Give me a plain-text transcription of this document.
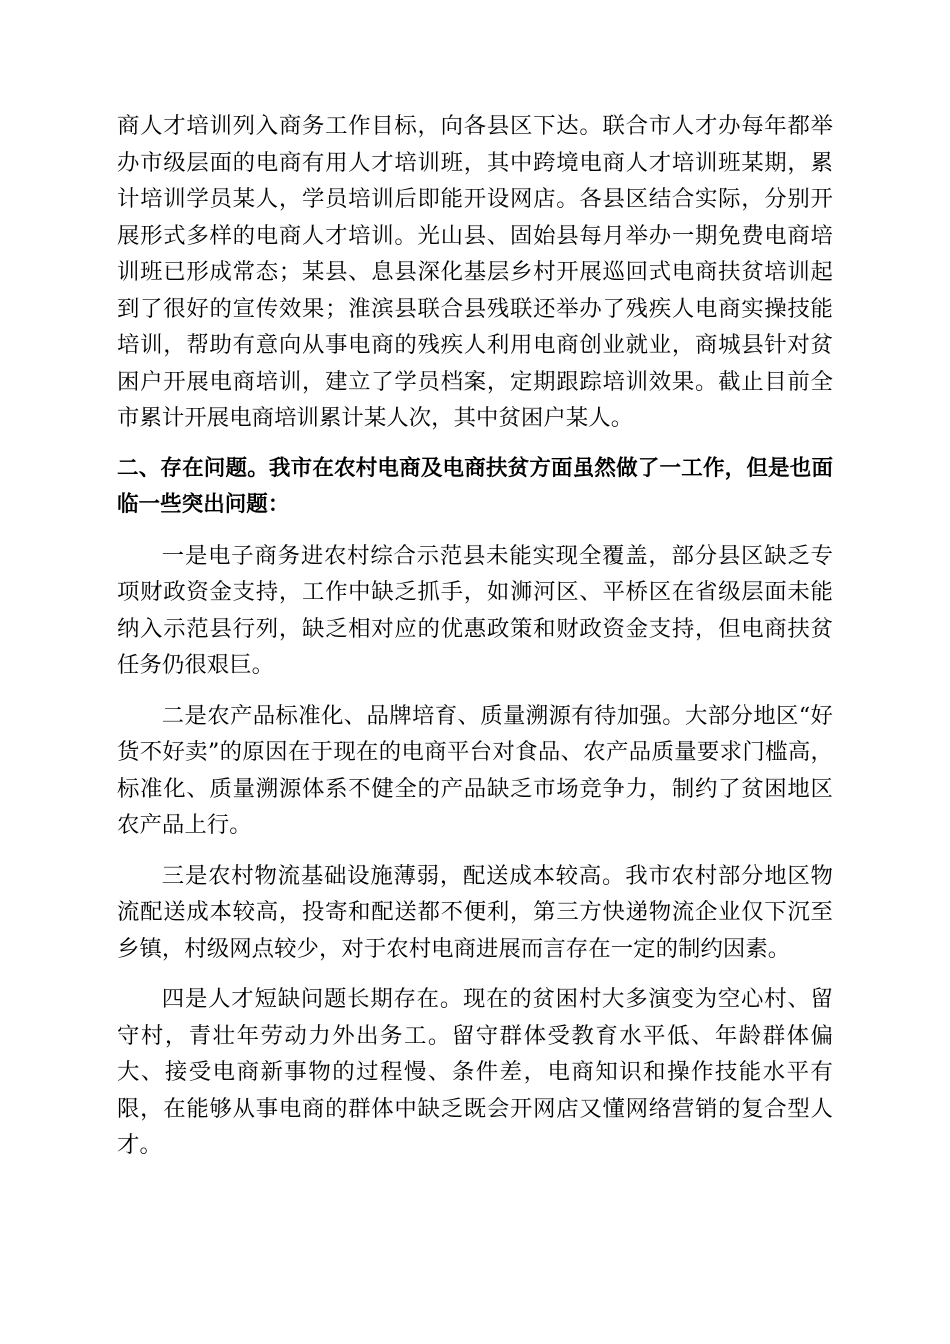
商人才培训列入商务工作目标，向各县区下达。联合市人才办每年都举办市级层面的电商有用人才培训班，其中跨境电商人才培训班某期，累计培训学员某人，学员培训后即能开设网店。各县区结合实际，分别开展形式多样的电商人才培训。光山县、固始县每月举办一期免费电商培训班已形成常态；某县、息县深化基层乡村开展巡回式电商扶贫培训起到了很好的宣传效果；淮滨县联合县残联还举办了残疾人电商实操技能培训，帮助有意向从事电商的残疾人利用电商创业就业，商城县针对贫困户开展电商培训，建立了学员档案，定期跟踪培训效果。截止目前全市累计开展电商培训累计某人次，其中贫困户某人。

二、存在问题。我市在农村电商及电商扶贫方面虽然做了一工作，但是也面临一些突出问题：

一是电子商务进农村综合示范县未能实现全覆盖，部分县区缺乏专项财政资金支持，工作中缺乏抓手，如浉河区、平桥区在省级层面未能纳入示范县行列，缺乏相对应的优惠政策和财政资金支持，但电商扶贫任务仍很艰巨。

二是农产品标准化、品牌培育、质量溯源有待加强。大部分地区“好货不好卖”的原因在于现在的电商平台对食品、农产品质量要求门槛高，标准化、质量溯源体系不健全的产品缺乏市场竞争力，制约了贫困地区农产品上行。

三是农村物流基础设施薄弱，配送成本较高。我市农村部分地区物流配送成本较高，投寄和配送都不便利，第三方快递物流企业仅下沉至乡镇，村级网点较少，对于农村电商进展而言存在一定的制约因素。

四是人才短缺问题长期存在。现在的贫困村大多演变为空心村、留守村，青壮年劳动力外出务工。留守群体受教育水平低、年龄群体偏大、接受电商新事物的过程慢、条件差，电商知识和操作技能水平有限，在能够从事电商的群体中缺乏既会开网店又懂网络营销的复合型人才。
